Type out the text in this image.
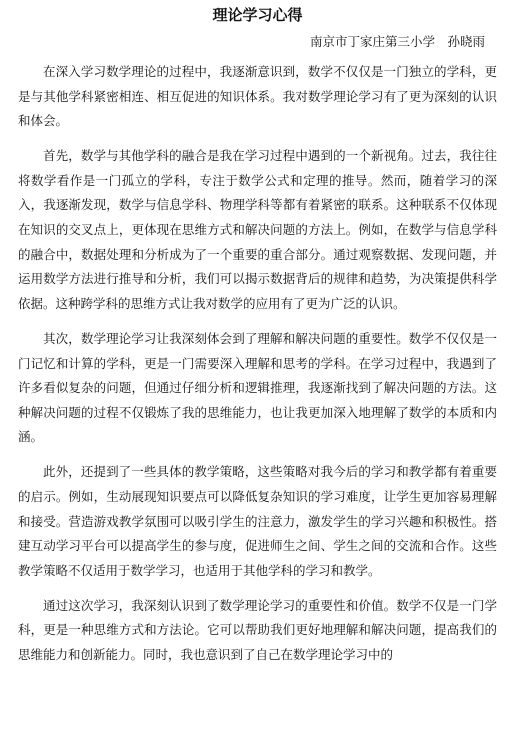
理论学习心得
南京市丁家庄第三小学　孙晓雨

在深入学习数学理论的过程中，我逐渐意识到，数学不仅仅是一门独立的学科，更是与其他学科紧密相连、相互促进的知识体系。我对数学理论学习有了更为深刻的认识和体会。

首先，数学与其他学科的融合是我在学习过程中遇到的一个新视角。过去，我往往将数学看作是一门孤立的学科，专注于数学公式和定理的推导。然而，随着学习的深入，我逐渐发现，数学与信息学科、物理学科等都有着紧密的联系。这种联系不仅体现在知识的交叉点上，更体现在思维方式和解决问题的方法上。例如，在数学与信息学科的融合中，数据处理和分析成为了一个重要的重合部分。通过观察数据、发现问题，并运用数学方法进行推导和分析，我们可以揭示数据背后的规律和趋势，为决策提供科学依据。这种跨学科的思维方式让我对数学的应用有了更为广泛的认识。

其次，数学理论学习让我深刻体会到了理解和解决问题的重要性。数学不仅仅是一门记忆和计算的学科，更是一门需要深入理解和思考的学科。在学习过程中，我遇到了许多看似复杂的问题，但通过仔细分析和逻辑推理，我逐渐找到了解决问题的方法。这种解决问题的过程不仅锻炼了我的思维能力，也让我更加深入地理解了数学的本质和内涵。

此外，还提到了一些具体的教学策略，这些策略对我今后的学习和教学都有着重要的启示。例如，生动展现知识要点可以降低复杂知识的学习难度，让学生更加容易理解和接受。营造游戏教学氛围可以吸引学生的注意力，激发学生的学习兴趣和积极性。搭建互动学习平台可以提高学生的参与度，促进师生之间、学生之间的交流和合作。这些教学策略不仅适用于数学学习，也适用于其他学科的学习和教学。

通过这次学习，我深刻认识到了数学理论学习的重要性和价值。数学不仅是一门学科，更是一种思维方式和方法论。它可以帮助我们更好地理解和解决问题，提高我们的思维能力和创新能力。同时，我也意识到了自己在数学理论学习中的
